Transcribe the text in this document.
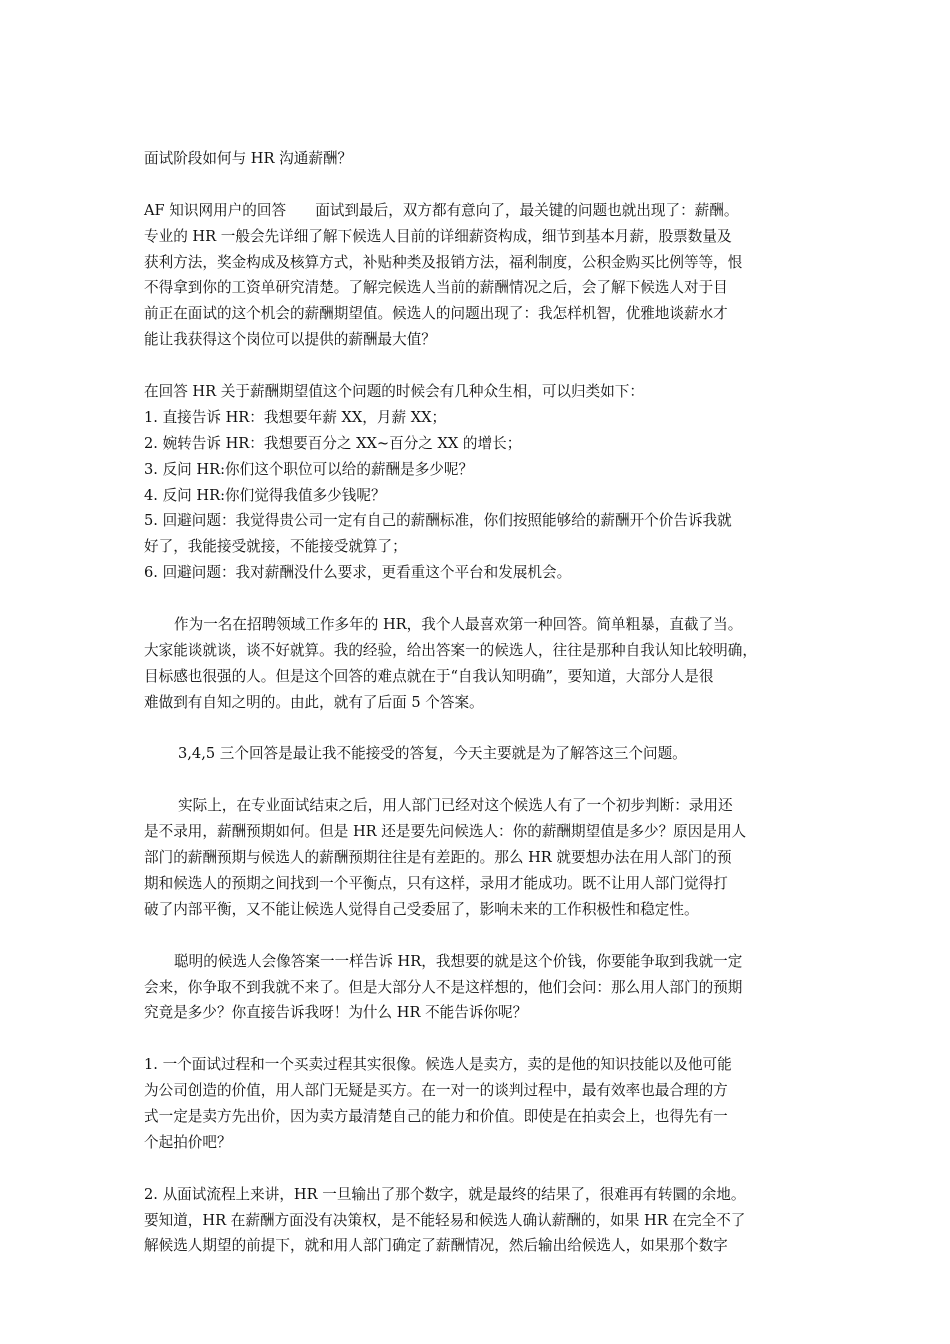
面试阶段如何与 HR 沟通薪酬？
AF 知识网用户的回答　　面试到最后，双方都有意向了，最关键的问题也就出现了：薪酬。
专业的 HR 一般会先详细了解下候选人目前的详细薪资构成，细节到基本月薪，股票数量及
获利方法，奖金构成及核算方式，补贴种类及报销方法，福利制度，公积金购买比例等等，恨
不得拿到你的工资单研究清楚。了解完候选人当前的薪酬情况之后，会了解下候选人对于目
前正在面试的这个机会的薪酬期望值。候选人的问题出现了：我怎样机智，优雅地谈薪水才
能让我获得这个岗位可以提供的薪酬最大值？
在回答 HR 关于薪酬期望值这个问题的时候会有几种众生相，可以归类如下：
1. 直接告诉 HR：我想要年薪 XX，月薪 XX；
2. 婉转告诉 HR：我想要百分之 XX~百分之 XX 的增长；
3. 反问 HR:你们这个职位可以给的薪酬是多少呢？
4. 反问 HR:你们觉得我值多少钱呢？
5. 回避问题：我觉得贵公司一定有自己的薪酬标准，你们按照能够给的薪酬开个价告诉我就
好了，我能接受就接，不能接受就算了；
6. 回避问题：我对薪酬没什么要求，更看重这个平台和发展机会。
作为一名在招聘领域工作多年的 HR，我个人最喜欢第一种回答。简单粗暴，直截了当。
大家能谈就谈，谈不好就算。我的经验，给出答案一的候选人，往往是那种自我认知比较明确，
目标感也很强的人。但是这个回答的难点就在于“自我认知明确”，要知道，大部分人是很
难做到有自知之明的。由此，就有了后面 5 个答案。
3,4,5 三个回答是最让我不能接受的答复，今天主要就是为了解答这三个问题。
实际上，在专业面试结束之后，用人部门已经对这个候选人有了一个初步判断：录用还
是不录用，薪酬预期如何。但是 HR 还是要先问候选人：你的薪酬期望值是多少？原因是用人
部门的薪酬预期与候选人的薪酬预期往往是有差距的。那么 HR 就要想办法在用人部门的预
期和候选人的预期之间找到一个平衡点，只有这样，录用才能成功。既不让用人部门觉得打
破了内部平衡，又不能让候选人觉得自己受委屈了，影响未来的工作积极性和稳定性。
聪明的候选人会像答案一一样告诉 HR，我想要的就是这个价钱，你要能争取到我就一定
会来，你争取不到我就不来了。但是大部分人不是这样想的，他们会问：那么用人部门的预期
究竟是多少？你直接告诉我呀！为什么 HR 不能告诉你呢？
1. 一个面试过程和一个买卖过程其实很像。候选人是卖方，卖的是他的知识技能以及他可能
为公司创造的价值，用人部门无疑是买方。在一对一的谈判过程中，最有效率也最合理的方
式一定是卖方先出价，因为卖方最清楚自己的能力和价值。即使是在拍卖会上，也得先有一
个起拍价吧？
2. 从面试流程上来讲，HR 一旦输出了那个数字，就是最终的结果了，很难再有转圜的余地。
要知道，HR 在薪酬方面没有决策权，是不能轻易和候选人确认薪酬的，如果 HR 在完全不了
解候选人期望的前提下，就和用人部门确定了薪酬情况，然后输出给候选人，如果那个数字
